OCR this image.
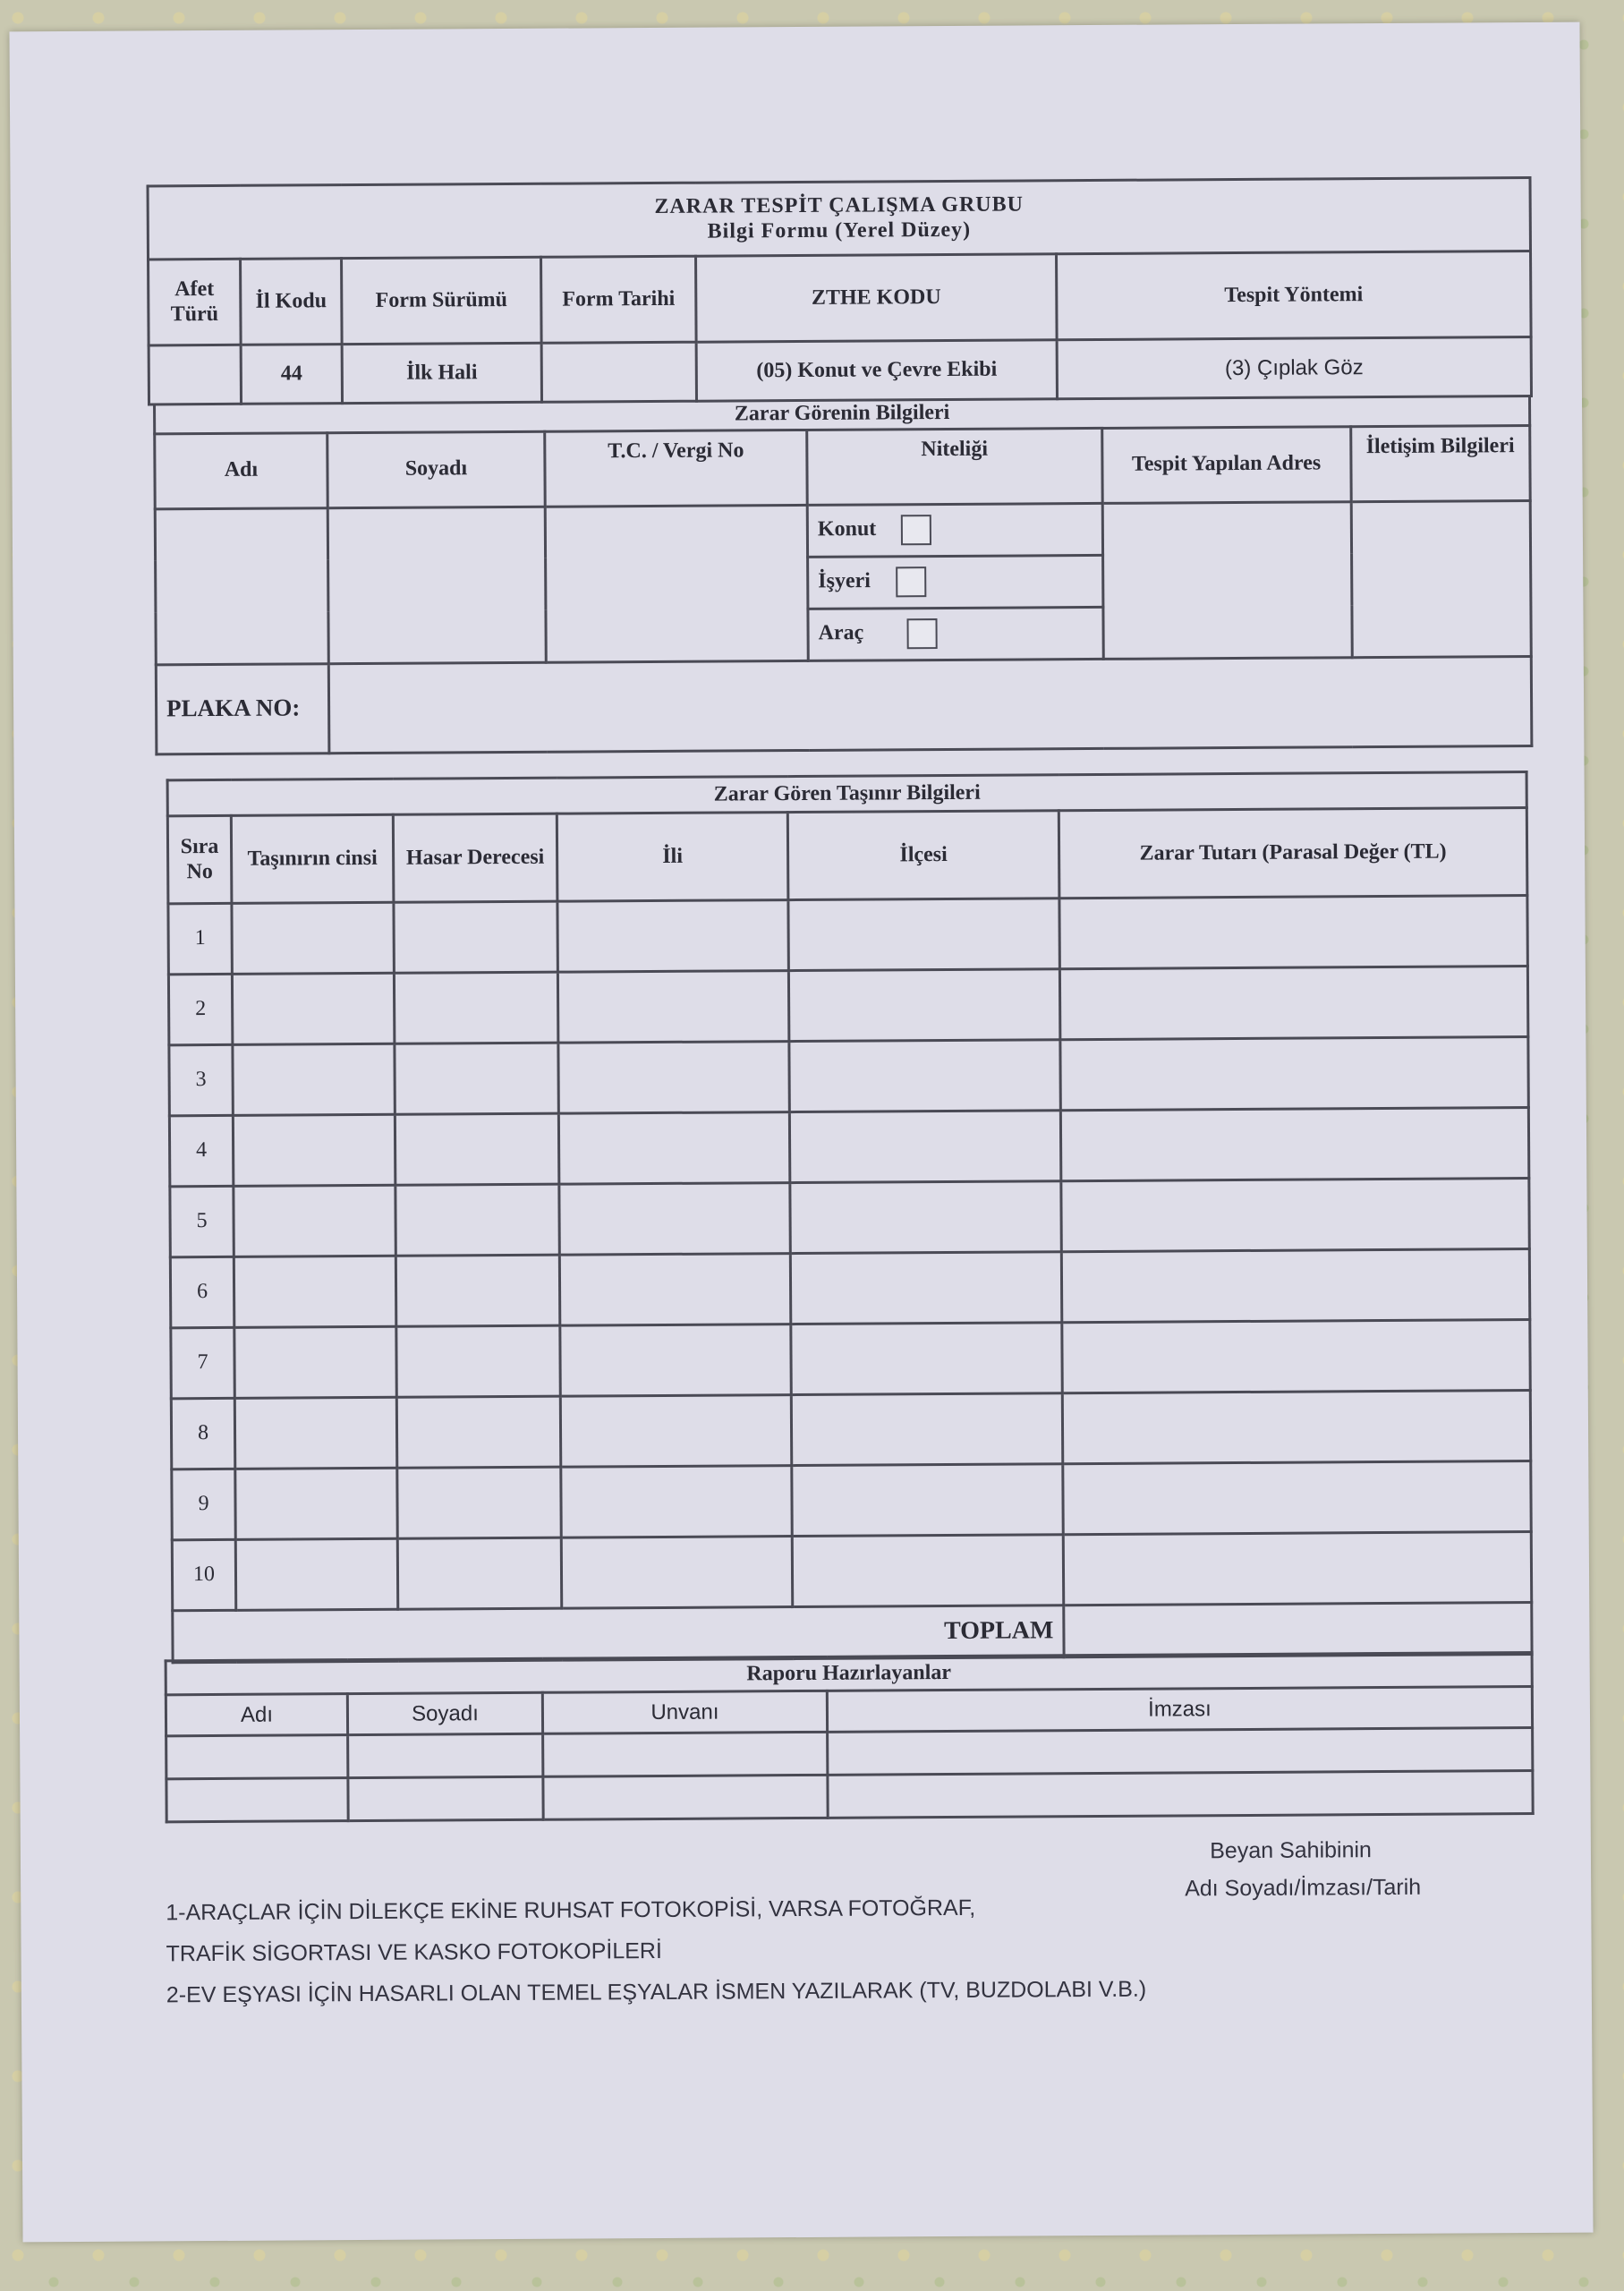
ZARAR TESPİT ÇALIŞMA GRUBU
Bilgi Formu (Yerel Düzey)					

Afet Türü	İl Kodu	Form Sürümü	Form Tarihi	ZTHE KODU	Tespit Yöntemi
	44	İlk Hali		(05) Konut ve Çevre Ekibi	(3) Çıplak Göz
Zarar Görenin Bilgileri					
Adı	Soyadı	T.C. / Vergi No	Niteliği	Tespit Yapılan Adres	İletişim Bilgileri
			Konut		
			İşyeri		
			Araç		
PLAKA NO:					
Zarar Gören Taşınır Bilgileri					
Sıra No	Taşınırın cinsi	Hasar Derecesi	İli	İlçesi	Zarar Tutarı (Parasal Değer (TL)
1					
2					
3					
4					
5					
6					
7					
8					
9					
10					
TOPLAM					
Raporu Hazırlayanlar			
Adı	Soyadı	Unvanı	İmzası

Beyan Sahibinin
Adı Soyadı/İmzası/Tarih
1-ARAÇLAR İÇİN DİLEKÇE EKİNE RUHSAT FOTOKOPİSİ, VARSA FOTOĞRAF,
TRAFİK SİGORTASI VE KASKO FOTOKOPİLERİ
2-EV EŞYASI İÇİN HASARLI OLAN TEMEL EŞYALAR İSMEN YAZILARAK (TV, BUZDOLABI V.B.)
